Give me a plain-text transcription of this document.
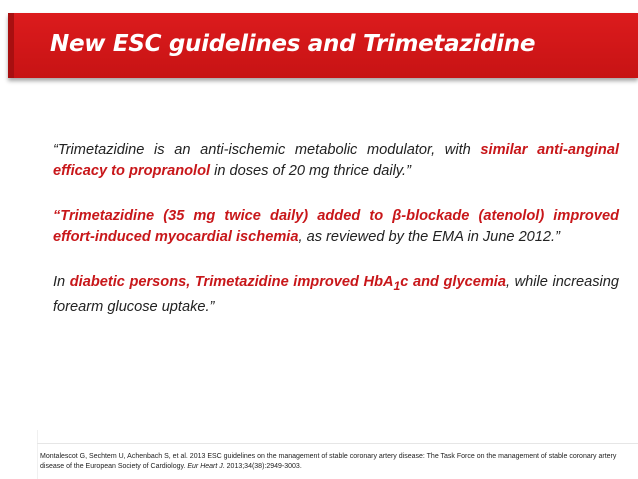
New ESC guidelines and Trimetazidine

“Trimetazidine is an anti-ischemic metabolic modulator, with similar anti-anginal efficacy to propranolol in doses of 20 mg thrice daily.”

“Trimetazidine (35 mg twice daily) added to β-blockade (atenolol) improved effort-induced myocardial ischemia, as reviewed by the EMA in June 2012.”

In diabetic persons, Trimetazidine improved HbA$_1$c and glycemia, while increasing forearm glucose uptake.”

Montalescot G, Sechtem U, Achenbach S, et al. 2013 ESC guidelines on the management of stable coronary artery disease: The Task Force on the management of stable coronary artery disease of the European Society of Cardiology. Eur Heart J. 2013;34(38):2949-3003.
